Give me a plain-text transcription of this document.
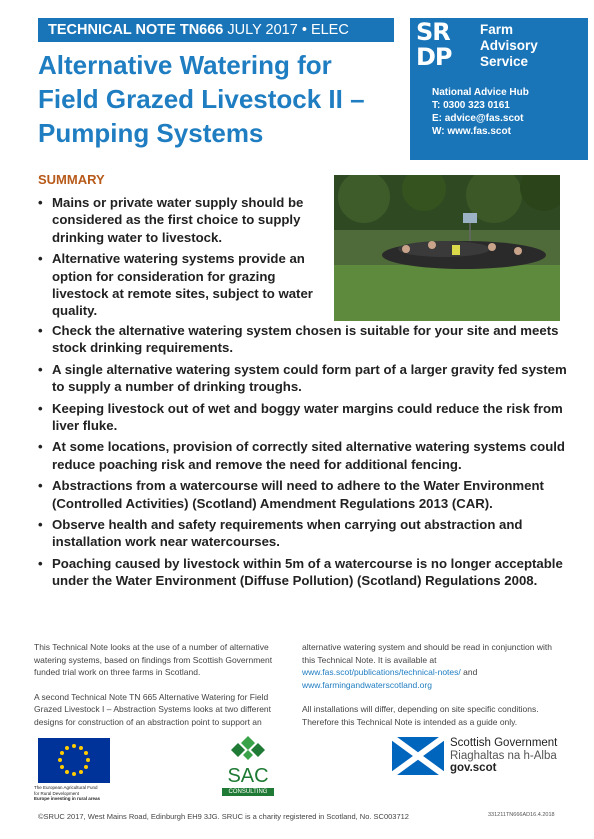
TECHNICAL NOTE TN666 JULY 2017 • ELEC
Alternative Watering for
Field Grazed Livestock II –
Pumping Systems
S R
D P
Farm
Advisory
Service
National Advice Hub
T: 0300 323 0161
E: advice@fas.scot
W: www.fas.scot
SUMMARY
• Mains or private water supply should be considered as the first choice to supply drinking water to livestock.
• Alternative watering systems provide an option for consideration for grazing livestock at remote sites, subject to water quality.
• Check the alternative watering system chosen is suitable for your site and meets stock drinking requirements.
• A single alternative watering system could form part of a larger gravity fed system to supply a number of drinking troughs.
• Keeping livestock out of wet and boggy water margins could reduce the risk from liver fluke.
• At some locations, provision of correctly sited alternative watering systems could reduce poaching risk and remove the need for additional fencing.
• Abstractions from a watercourse will need to adhere to the Water Environment (Controlled Activities) (Scotland) Amendment Regulations 2013 (CAR).
• Observe health and safety requirements when carrying out abstraction and installation work near watercourses.
• Poaching caused by livestock within 5m of a watercourse is no longer acceptable under the Water Environment (Diffuse Pollution) (Scotland) Regulations 2008.

This Technical Note looks at the use of a number of alternative watering systems, based on findings from Scottish Government funded trial work on three farms in Scotland.

A second Technical Note TN 665 Alternative Watering for Field Grazed Livestock I – Abstraction Systems looks at two different designs for construction of an abstraction point to support an

alternative watering system and should be read in conjunction with this Technical Note. It is available at
www.fas.scot/publications/technical-notes/ and
www.farmingandwaterscotland.org

All installations will differ, depending on site specific conditions. Therefore this Technical Note is intended as a guide only.

The European Agricultural Fund
for Rural Development
Europe investing in rural areas
SAC
CONSULTING
Scottish Government
Riaghaltas na h-Alba
gov.scot
©SRUC 2017, West Mains Road, Edinburgh EH9 3JG. SRUC is a charity registered in Scotland, No. SC003712	331211TN666AD16.4.2018
